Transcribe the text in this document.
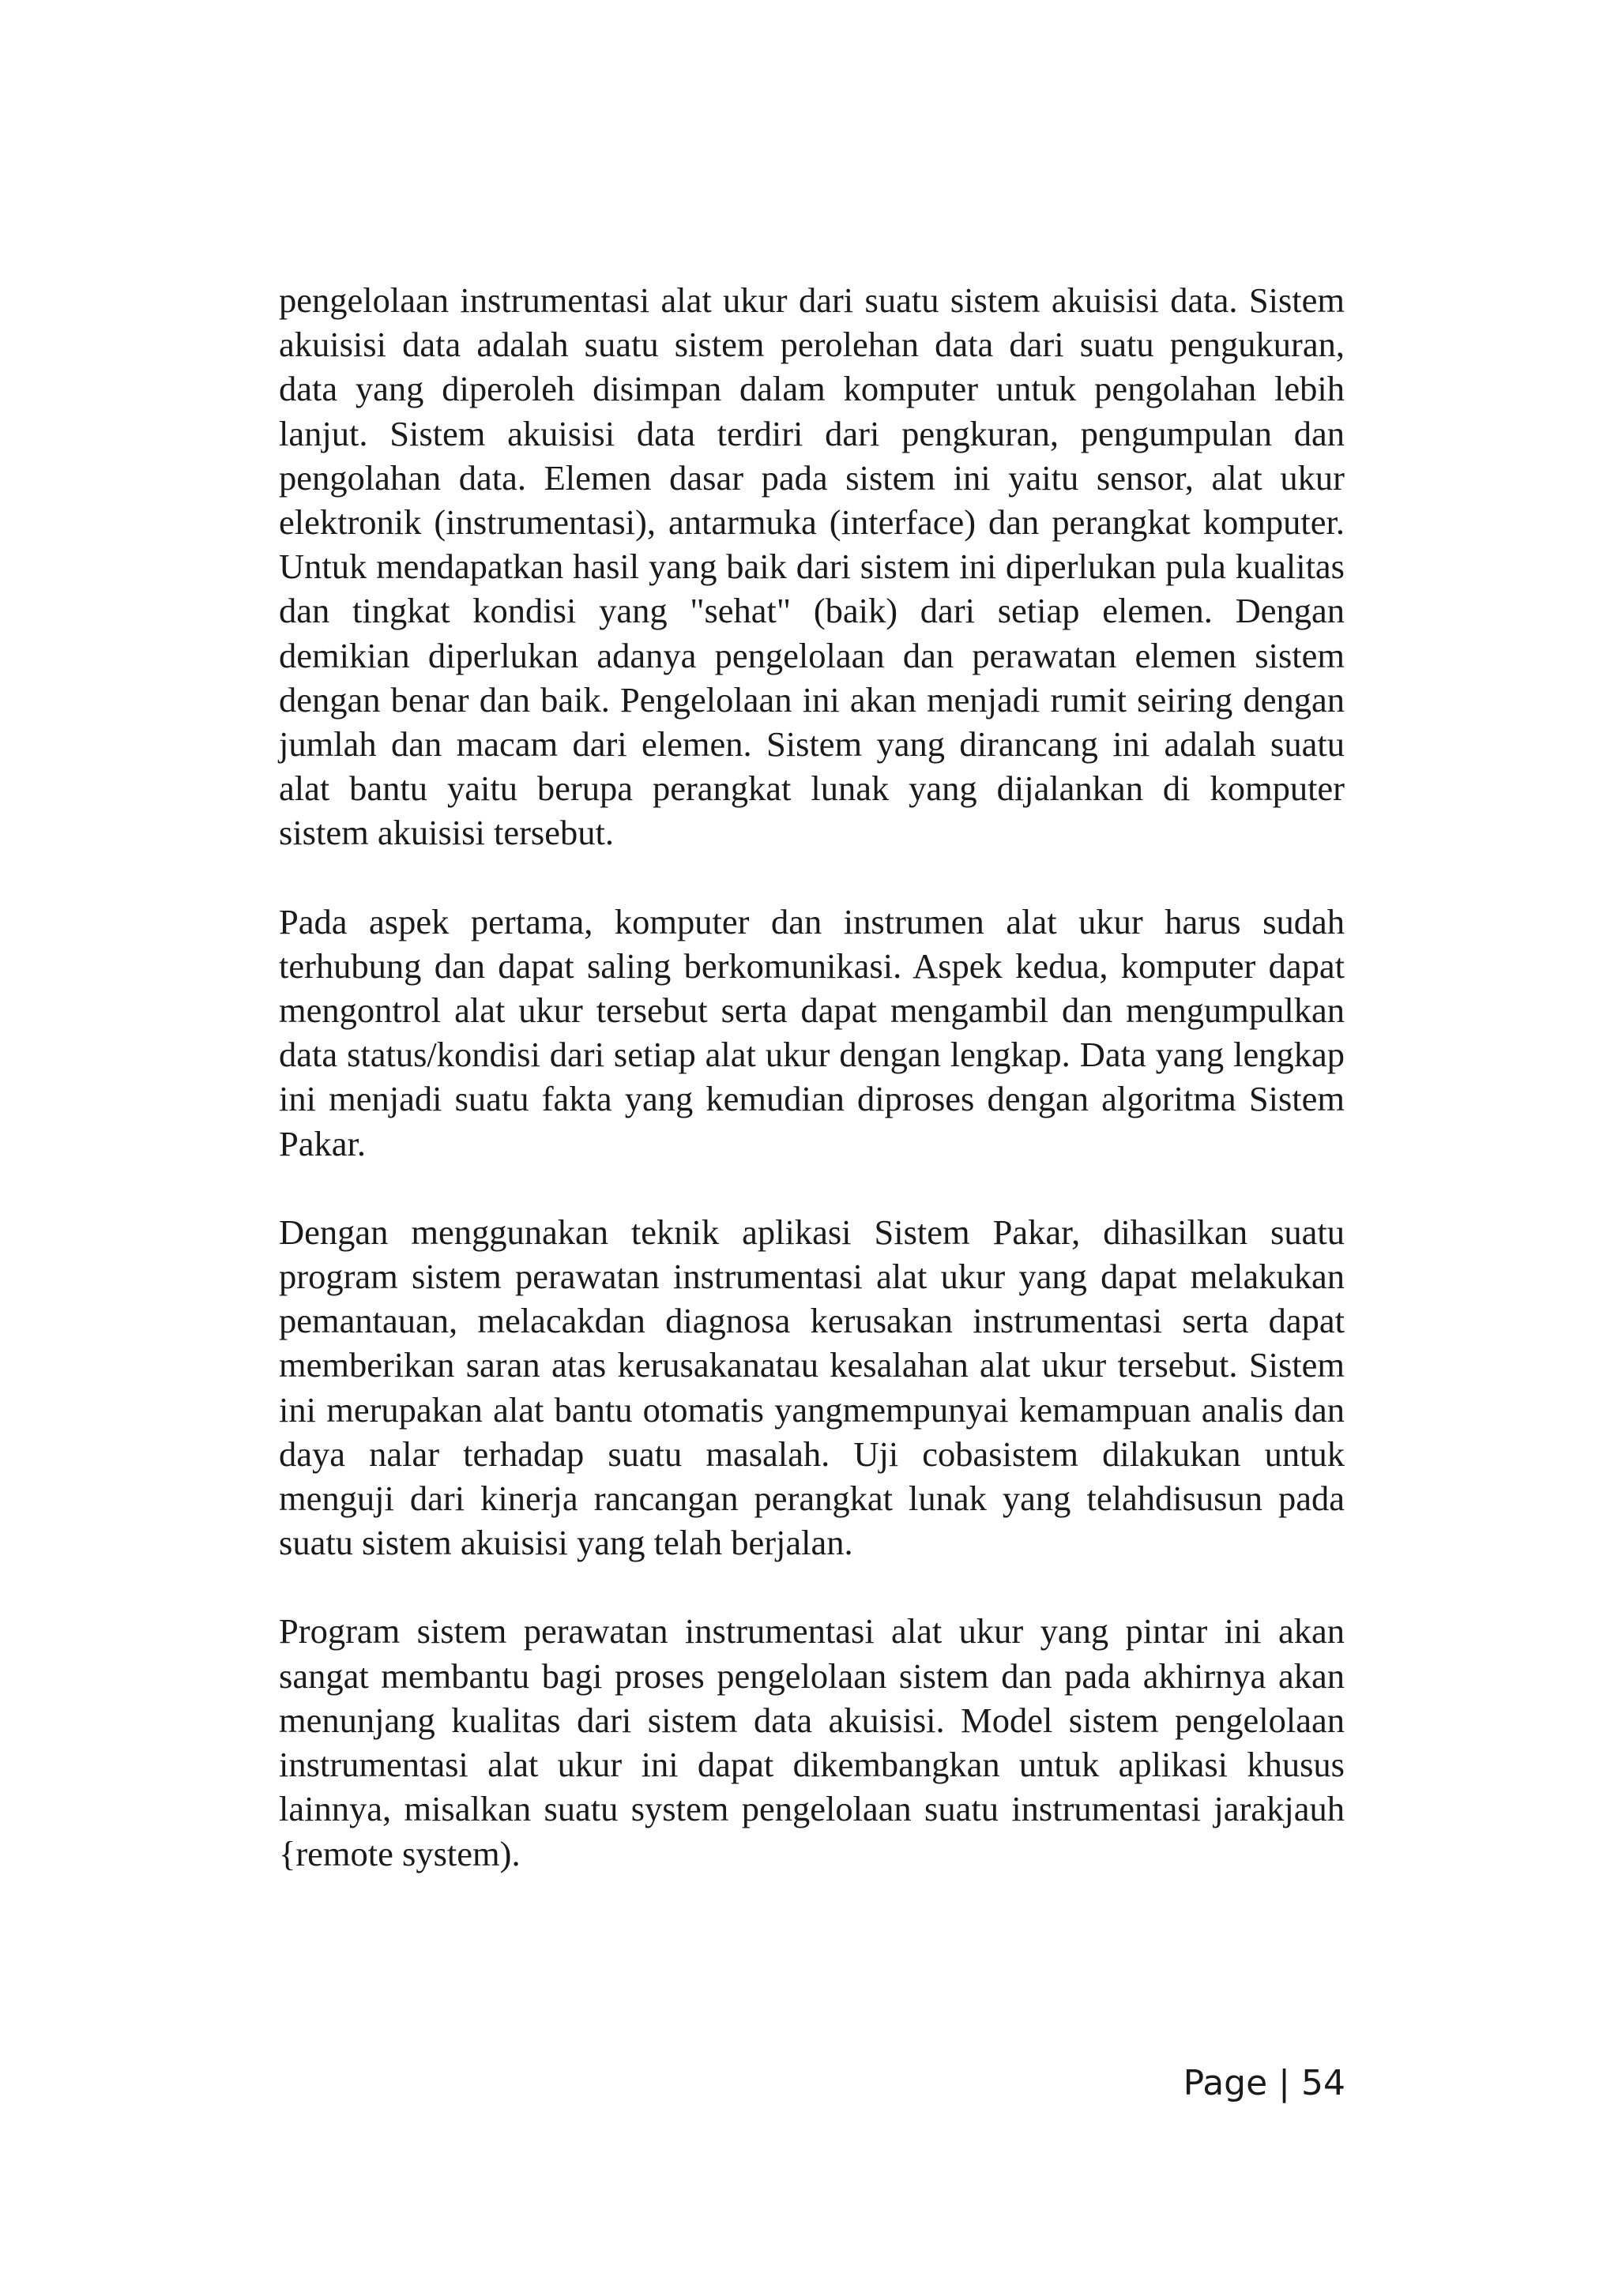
pengelolaan instrumentasi alat ukur dari suatu sistem akuisisi data. Sistem akuisisi data adalah suatu sistem perolehan data dari suatu pengukuran, data yang diperoleh disimpan dalam komputer untuk pengolahan lebih lanjut. Sistem akuisisi data terdiri dari pengkuran, pengumpulan dan pengolahan data. Elemen dasar pada sistem ini yaitu sensor, alat ukur elektronik (instrumentasi), antarmuka (interface) dan perangkat komputer. Untuk mendapatkan hasil yang baik dari sistem ini diperlukan pula kualitas dan tingkat kondisi yang "sehat" (baik) dari setiap elemen. Dengan demikian diperlukan adanya pengelolaan dan perawatan elemen sistem dengan benar dan baik. Pengelolaan ini akan menjadi rumit seiring dengan jumlah dan macam dari elemen. Sistem yang dirancang ini adalah suatu alat bantu yaitu berupa perangkat lunak yang dijalankan di komputer sistem akuisisi tersebut.

Pada aspek pertama, komputer dan instrumen alat ukur harus sudah terhubung dan dapat saling berkomunikasi. Aspek kedua, komputer dapat mengontrol alat ukur tersebut serta dapat mengambil dan mengumpulkan data status/kondisi dari setiap alat ukur dengan lengkap. Data yang lengkap ini menjadi suatu fakta yang kemudian diproses dengan algoritma Sistem Pakar.

Dengan menggunakan teknik aplikasi Sistem Pakar, dihasilkan suatu program sistem perawatan instrumentasi alat ukur yang dapat melakukan pemantauan, melacakdan diagnosa kerusakan instrumentasi serta dapat memberikan saran atas kerusakanatau kesalahan alat ukur tersebut. Sistem ini merupakan alat bantu otomatis yangmempunyai kemampuan analis dan daya nalar terhadap suatu masalah. Uji cobasistem dilakukan untuk menguji dari kinerja rancangan perangkat lunak yang telahdisusun pada suatu sistem akuisisi yang telah berjalan.

Program sistem perawatan instrumentasi alat ukur yang pintar ini akan sangat membantu bagi proses pengelolaan sistem dan pada akhirnya akan menunjang kualitas dari sistem data akuisisi. Model sistem pengelolaan instrumentasi alat ukur ini dapat dikembangkan untuk aplikasi khusus lainnya, misalkan suatu system pengelolaan suatu instrumentasi jarakjauh {remote system).

Page | 54
